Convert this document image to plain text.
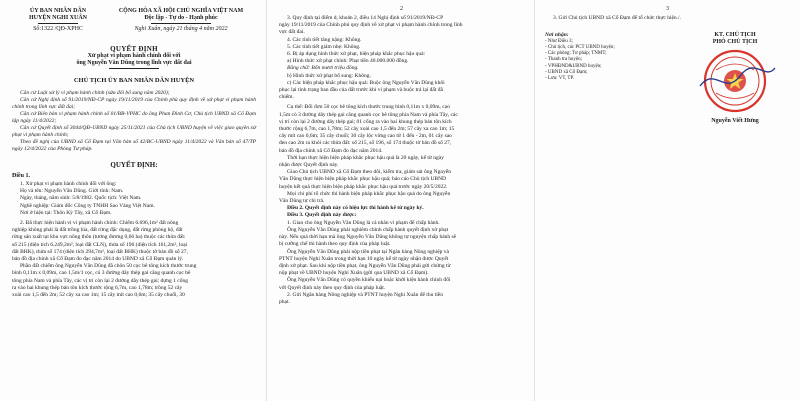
ỦY BAN NHÂN DÂN
HUYỆN NGHI XUÂN
Số:1322 /QĐ-XPHC
CỘNG HÒA XÃ HỘI CHỦ NGHĨA VIỆT NAM
Độc lập - Tự do - Hạnh phúc
Nghi Xuân, ngày 21 tháng 4 năm 2022
QUYẾT ĐỊNH
Xử phạt vi phạm hành chính đối với
ông Nguyễn Văn Dũng trong lĩnh vực đất đai
CHỦ TỊCH ỦY BAN NHÂN DÂN HUYỆN

Căn cứ Luật xử lý vi phạm hành chính (sửa đổi bổ sung năm 2020);

Căn cứ Nghị định số 91/2019/NĐ-CP ngày 19/11/2019 của Chính phủ quy định về xử phạt vi phạm hành chính trong lĩnh vực đất đai;

Căn cứ Biên bản vi phạm hành chính số 01/BB-VPHC do ông Phan Đình Cơ, Chủ tịch UBND xã Cổ Đạm lập ngày 11/4/2022;

Căn cứ Quyết định số 3044/QĐ-UBND ngày 25/11/2021 của Chủ tịch UBND huyện về việc giao quyền xử phạt vi phạm hành chính;

Theo đề nghị của UBND xã Cổ Đạm tại Văn bản số 42/BC-UBND ngày 11/4/2022 và Văn bản số 47/TP ngày 12/4/2022 của Phòng Tư pháp.

QUYẾT ĐỊNH:
Điều 1.

1. Xử phạt vi phạm hành chính đối với ông:

Họ và tên: Nguyễn Văn Dũng. Giới tính: Nam.

Ngày, tháng, năm sinh: 5/8/1982. Quốc tịch: Việt Nam.

Nghề nghiệp: Giám đốc Công ty TNHH Sao Vàng Việt Nam.

Nơi ở hiện tại: Thôn Kỳ Tây, xã Cổ Đạm.

2. Đã thực hiện hành vi vi phạm hành chính: Chiếm 6.696,1m² đất nông

nghiệp không phải là đất trồng lúa, đất rừng đặc dụng, đất rừng phòng hộ, đất

rừng sản xuất tại khu vực nông thôn (tương đương 0,66 ha) thuộc các thửa đất:

số 215 (diện tích 6.249,2m², loại đất CLN), thửa số 196 (diện tích 161,2m², loại

đất BHK), thửa số 174 (diện tích 294,7m², loại đất BHK) thuộc tờ bản đồ số 27,

bản đồ địa chính xã Cổ Đạm đo đạc năm 2014 do UBND xã Cổ Đạm quản lý.

Phần đất chiếm ông Nguyễn Văn Dũng đã chôn 50 cọc bê tông kích thước trung

bình 0,11m x 0,09m, cao 1,5m/1 cọc, có 3 đường dây thép gai căng quanh cọc bê

tông phía Nam và phía Tây, các vị trí còn lại 2 đường dây thép gai; dựng 1 cổng

ra vào hai khung thép bản tôn kích thước rộng 6,7m, cao 1,78m; trồng 52 cây

xoài cao 1,5 đến 2m; 52 cây xa cao 1m; 15 cây mít cao 0,6m; 35 cây chuối, 30

2

3. Quy định tại điểm d, khoản 2, điều 14 Nghị định số 91/2019/NĐ-CP

ngày 19/11/2019 của Chính phủ quy định về xử phạt vi phạm hành chính trong lĩnh

vực đất đai.

4. Các tình tiết tăng nặng: Không.

5. Các tình tiết giảm nhẹ: Không.

6. Bị áp dụng hình thức xử phạt, biện pháp khắc phục hậu quả:

a) Hình thức xử phạt chính: Phạt tiền 40.000.000 đồng.

Bằng chữ: Bốn mươi triệu đồng.

b) Hình thức xử phạt bổ sung: Không.

c) Các biện pháp khắc phục hậu quả: Buộc ông Nguyễn Văn Dũng khôi

phục lại tình trạng ban đầu của đất trước khi vi phạm và buộc trả lại đất đã

chiếm.

Cụ thể: Đổi đơn 50 cọc bê tông kích thước trung bình 0,11m x 0,09m, cao

1,5m có 3 đường dây thép gai căng quanh cọc bê tông phía Nam và phía Tây, các

vị trí còn lại 2 đường dây thép gai; 01 cổng ra vào hai khung thép bản tôn kích

thước rộng 6,7m, cao 1,78m; 52 cây xoài cao 1,5 đến 2m; 57 cây xa cao 1m; 15

cây mít cao 0,6m; 35 cây chuối; 30 cây lộc vừng cao từ 1 đến - 2m, 01 cây sao

đen cao 2m ra khỏi các thửa đất: số 215, số 196, số 174 thuộc tờ bản đồ số 27,

bản đồ địa chính xã Cổ Đạm đo đạc năm 2014.

Thời hạn thực hiện biện pháp khắc phục hậu quả là 20 ngày, kể từ ngày

nhận được Quyết định này.

Giao Chủ tịch UBND xã Cổ Đạm theo dõi, kiểm tra, giám sát ông Nguyễn

Văn Dũng thực hiện biện pháp khắc phục hậu quả; báo cáo Chủ tịch UBND

huyện kết quả thực hiện biện pháp khắc phục hậu quả trước ngày 20/5/2022.

Mọi chi phí tổ chức thi hành biện pháp khắc phục hậu quả do ông Nguyễn

Văn Dũng tự chi trả.

Điều 2. Quyết định này có hiệu lực thi hành kể từ ngày ký.

Điều 3. Quyết định này được:

1. Giao cho ông Nguyễn Văn Dũng là cá nhân vi phạm để chấp hành.

Ông Nguyễn Văn Dũng phải nghiêm chỉnh chấp hành quyết định xử phạt

này. Nếu quá thời hạn mà ông Nguyễn Văn Dũng không tự nguyện chấp hành sẽ

bị cưỡng chế thi hành theo quy định của pháp luật.

Ông Nguyễn Văn Dũng phải nộp tiền phạt tại Ngân hàng Nông nghiệp và

PTNT huyện Nghi Xuân trong thời hạn 10 ngày kể từ ngày nhận được Quyết

định xử phạt. Sau khi nộp tiền phạt, ông Nguyễn Văn Dũng phải gửi chứng từ

nộp phạt về UBND huyện Nghi Xuân (gửi qua UBND xã Cổ Đạm).

Ông Nguyễn Văn Dũng có quyền khiếu nại hoặc khởi kiện hành chính đối

với Quyết định này theo quy định của pháp luật.

2. Gửi Ngân hàng Nông nghiệp và PTNT huyện Nghi Xuân để thu tiền

phạt.

3

3. Gửi Chủ tịch UBND xã Cổ Đạm để tổ chức thực hiện./.

Nơi nhận:
- Như Điều 3;
- Chủ tịch, các PCT UBND huyện;
- Các phòng: Tư pháp; TNMT;
- Thanh tra huyện;
- VPHĐND&UBND huyện;
- UBND xã Cổ Đạm;
- Lưu: VT, TP.
KT. CHỦ TỊCH
PHÓ CHỦ TỊCH
Nguyễn Viết Hưng
